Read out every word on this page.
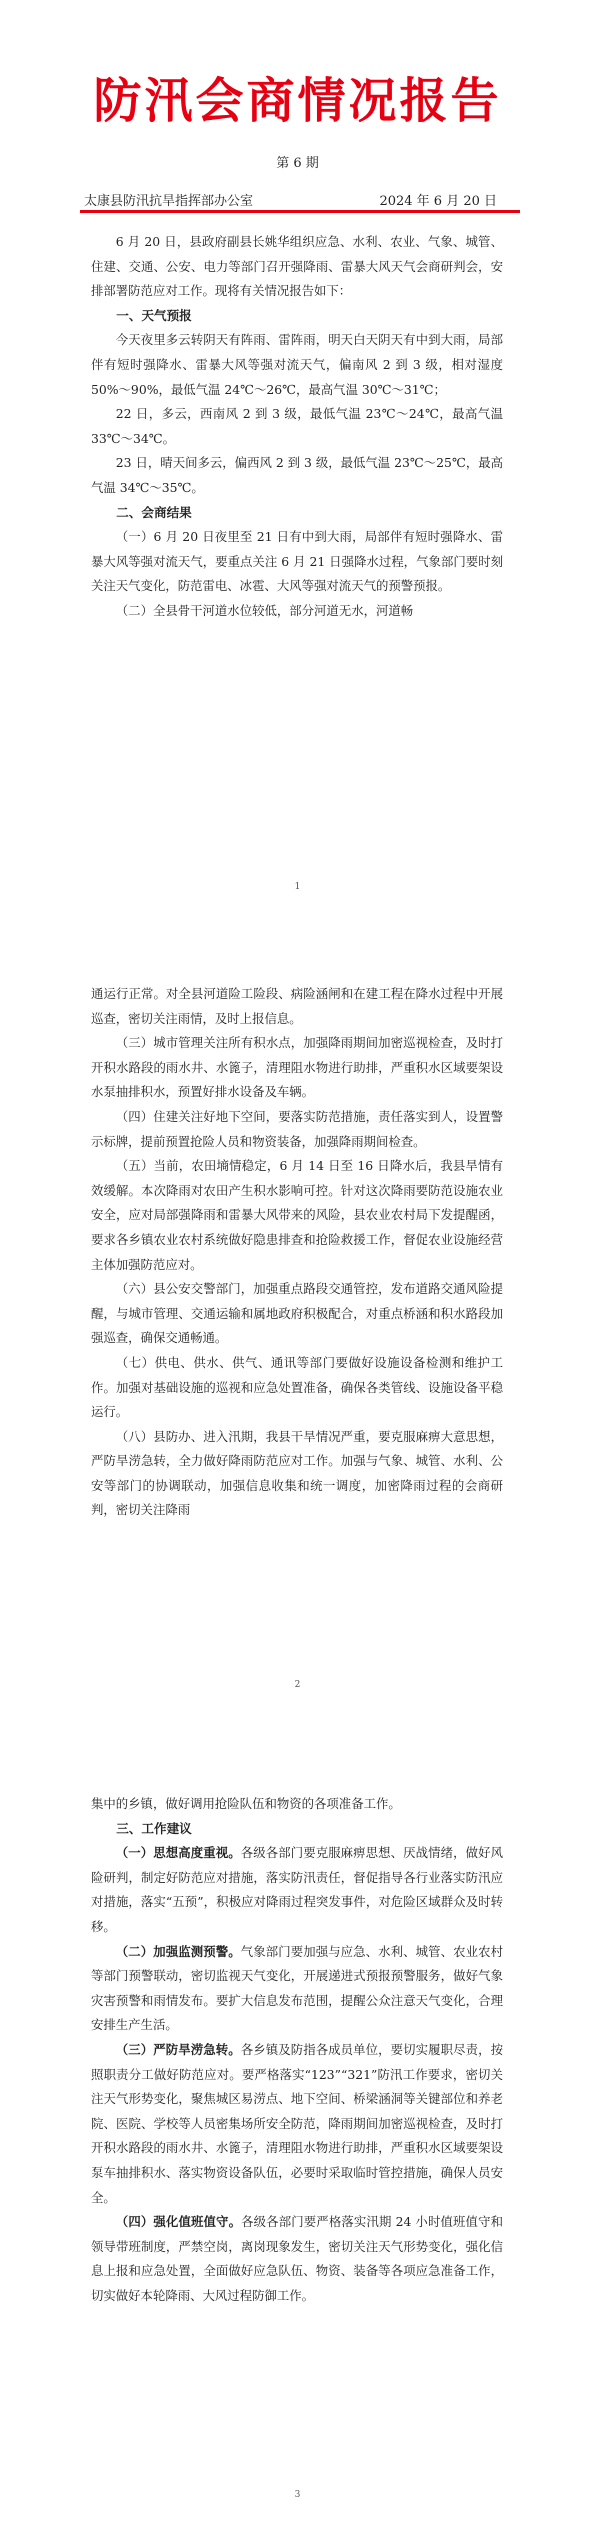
防汛会商情况报告
第 6 期
太康县防汛抗旱指挥部办公室	2024 年 6 月 20 日

6 月 20 日，县政府副县长姚华组织应急、水利、农业、气象、城管、住建、交通、公安、电力等部门召开强降雨、雷暴大风天气会商研判会，安排部署防范应对工作。现将有关情况报告如下：

一、天气预报

今天夜里多云转阴天有阵雨、雷阵雨，明天白天阴天有中到大雨，局部伴有短时强降水、雷暴大风等强对流天气，偏南风 2 到 3 级，相对湿度 50%～90%，最低气温 24℃～26℃，最高气温 30℃～31℃；

22 日，多云，西南风 2 到 3 级，最低气温 23℃～24℃，最高气温 33℃～34℃。

23 日，晴天间多云，偏西风 2 到 3 级，最低气温 23℃～25℃，最高气温 34℃～35℃。

二、会商结果

（一）6 月 20 日夜里至 21 日有中到大雨，局部伴有短时强降水、雷暴大风等强对流天气，要重点关注 6 月 21 日强降水过程，气象部门要时刻关注天气变化，防范雷电、冰雹、大风等强对流天气的预警预报。

（二）全县骨干河道水位较低，部分河道无水，河道畅

1

通运行正常。对全县河道险工险段、病险涵闸和在建工程在降水过程中开展巡查，密切关注雨情，及时上报信息。

（三）城市管理关注所有积水点，加强降雨期间加密巡视检查，及时打开积水路段的雨水井、水篦子，清理阻水物进行助排，严重积水区域要架设水泵抽排积水，预置好排水设备及车辆。

（四）住建关注好地下空间，要落实防范措施，责任落实到人，设置警示标牌，提前预置抢险人员和物资装备，加强降雨期间检查。

（五）当前，农田墒情稳定，6 月 14 日至 16 日降水后，我县旱情有效缓解。本次降雨对农田产生积水影响可控。针对这次降雨要防范设施农业安全，应对局部强降雨和雷暴大风带来的风险，县农业农村局下发提醒函，要求各乡镇农业农村系统做好隐患排查和抢险救援工作，督促农业设施经营主体加强防范应对。

（六）县公安交警部门，加强重点路段交通管控，发布道路交通风险提醒，与城市管理、交通运输和属地政府积极配合，对重点桥涵和积水路段加强巡查，确保交通畅通。

（七）供电、供水、供气、通讯等部门要做好设施设备检测和维护工作。加强对基础设施的巡视和应急处置准备，确保各类管线、设施设备平稳运行。

（八）县防办、进入汛期，我县干旱情况严重，要克服麻痹大意思想，严防旱涝急转，全力做好降雨防范应对工作。加强与气象、城管、水利、公安等部门的协调联动，加强信息收集和统一调度，加密降雨过程的会商研判，密切关注降雨

2

集中的乡镇，做好调用抢险队伍和物资的各项准备工作。

三、工作建议

（一）思想高度重视。各级各部门要克服麻痹思想、厌战情绪，做好风险研判，制定好防范应对措施，落实防汛责任，督促指导各行业落实防汛应对措施，落实“五预”，积极应对降雨过程突发事件，对危险区域群众及时转移。

（二）加强监测预警。气象部门要加强与应急、水利、城管、农业农村等部门预警联动，密切监视天气变化，开展递进式预报预警服务，做好气象灾害预警和雨情发布。要扩大信息发布范围，提醒公众注意天气变化，合理安排生产生活。

（三）严防旱涝急转。各乡镇及防指各成员单位，要切实履职尽责，按照职责分工做好防范应对。要严格落实“123”“321”防汛工作要求，密切关注天气形势变化，聚焦城区易涝点、地下空间、桥梁涵洞等关键部位和养老院、医院、学校等人员密集场所安全防范，降雨期间加密巡视检查，及时打开积水路段的雨水井、水篦子，清理阻水物进行助排，严重积水区域要架设泵车抽排积水、落实物资设备队伍，必要时采取临时管控措施，确保人员安全。

（四）强化值班值守。各级各部门要严格落实汛期 24 小时值班值守和领导带班制度，严禁空岗，离岗现象发生，密切关注天气形势变化，强化信息上报和应急处置，全面做好应急队伍、物资、装备等各项应急准备工作，切实做好本轮降雨、大风过程防御工作。

3
